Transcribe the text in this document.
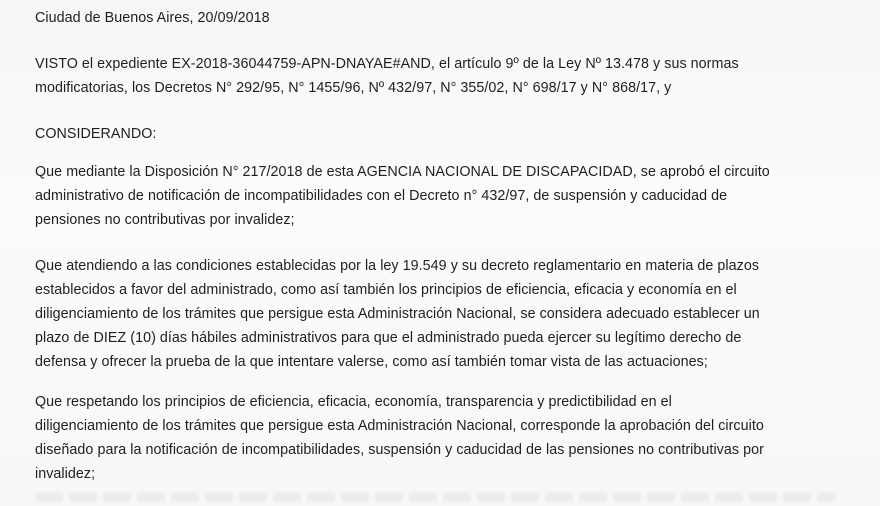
Ciudad de Buenos Aires, 20/09/2018
VISTO el expediente EX-2018-36044759-APN-DNAYAE#AND, el artículo 9º de la Ley Nº 13.478 y sus normas
modificatorias, los Decretos N° 292/95, N° 1455/96, Nº 432/97, N° 355/02, N° 698/17 y N° 868/17, y
CONSIDERANDO:
Que mediante la Disposición N° 217/2018 de esta AGENCIA NACIONAL DE DISCAPACIDAD, se aprobó el circuito
administrativo de notificación de incompatibilidades con el Decreto n° 432/97, de suspensión y caducidad de
pensiones no contributivas por invalidez;
Que atendiendo a las condiciones establecidas por la ley 19.549 y su decreto reglamentario en materia de plazos
establecidos a favor del administrado, como así también los principios de eficiencia, eficacia y economía en el
diligenciamiento de los trámites que persigue esta Administración Nacional, se considera adecuado establecer un
plazo de DIEZ (10) días hábiles administrativos para que el administrado pueda ejercer su legítimo derecho de
defensa y ofrecer la prueba de la que intentare valerse, como así también tomar vista de las actuaciones;
Que respetando los principios de eficiencia, eficacia, economía, transparencia y predictibilidad en el
diligenciamiento de los trámites que persigue esta Administración Nacional, corresponde la aprobación del circuito
diseñado para la notificación de incompatibilidades, suspensión y caducidad de las pensiones no contributivas por
invalidez;
